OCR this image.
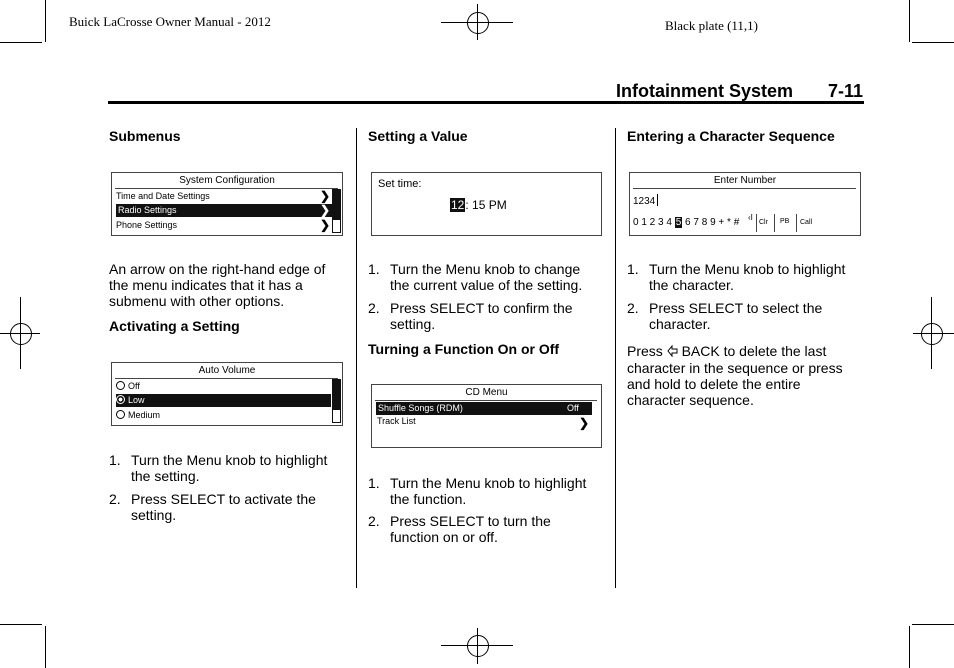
Buick LaCrosse Owner Manual - 2012	Black plate (11,1)
Infotainment System 7-11
Submenus
System Configuration
Time and Date Settings	❯
Radio Settings	❯
Phone Settings	❯
An arrow on the right-hand edge of
the menu indicates that it has a
submenu with other options.
Activating a Setting
Auto Volume
Off
Low
Medium
1. Turn the Menu knob to highlight
the setting.
2. Press SELECT to activate the
setting.
Setting a Value
Set time:
12: 15 PM
1. Turn the Menu knob to change
the current value of the setting.
2. Press SELECT to confirm the
setting.
Turning a Function On or Off
CD Menu
Shuffle Songs (RDM)	Off
Track List	❯
1. Turn the Menu knob to highlight
the function.
2. Press SELECT to turn the
function on or off.
Entering a Character Sequence
Enter Number
1234
0 1 2 3 4 5 6 7 8 9 + * # ‹I
Clr PB Call
1. Turn the Menu knob to highlight
the character.
2. Press SELECT to select the
character.
Press BACK to delete the last
character in the sequence or press
and hold to delete the entire
character sequence.
